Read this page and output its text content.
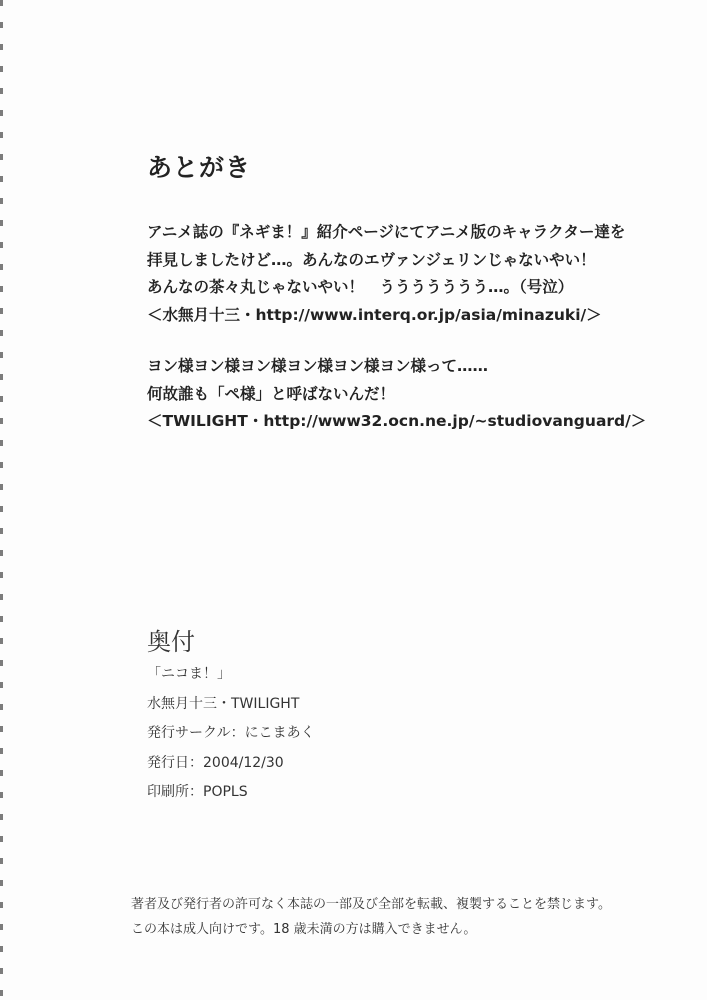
あとがき
アニメ誌の『ネギま！』紹介ページにてアニメ版のキャラクター達を
拝見しましたけど…。あんなのエヴァンジェリンじゃないやい！
あんなの茶々丸じゃないやい！　ううううううう…。（号泣）
＜水無月十三・http://www.interq.or.jp/asia/minazuki/＞
ヨン様ヨン様ヨン様ヨン様ヨン様ヨン様って……
何故誰も「ペ様」と呼ばないんだ！
＜TWILIGHT・http://www32.ocn.ne.jp/~studiovanguard/＞
奥付
「ニコま！」
水無月十三・TWILIGHT
発行サークル：にこまあく
発行日：2004/12/30
印刷所：POPLS
著者及び発行者の許可なく本誌の一部及び全部を転載、複製することを禁じます。
この本は成人向けです。18 歳未満の方は購入できません。
